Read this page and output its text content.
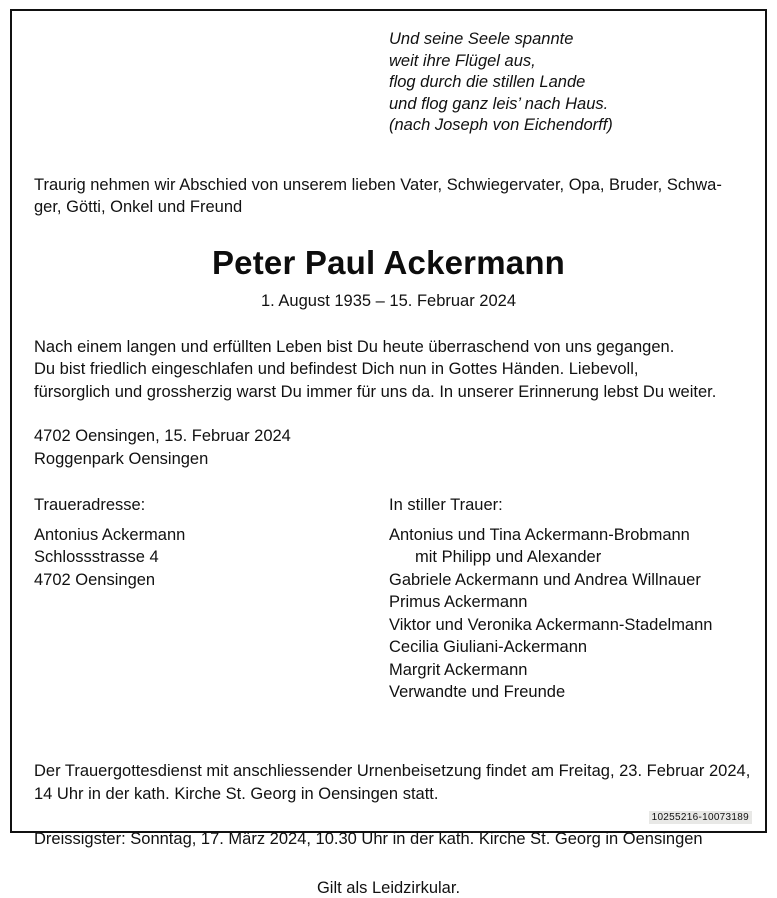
Und seine Seele spannte
weit ihre Flügel aus,
flog durch die stillen Lande
und flog ganz leis’ nach Haus.
(nach Joseph von Eichendorff)
Traurig nehmen wir Abschied von unserem lieben Vater, Schwiegervater, Opa, Bruder, Schwa-
ger, Götti, Onkel und Freund
Peter Paul Ackermann
1. August 1935 – 15. Februar 2024
Nach einem langen und erfüllten Leben bist Du heute überraschend von uns gegangen.
Du bist friedlich eingeschlafen und befindest Dich nun in Gottes Händen. Liebevoll,
fürsorglich und grossherzig warst Du immer für uns da. In unserer Erinnerung lebst Du weiter.
4702 Oensingen, 15. Februar 2024
Roggenpark Oensingen
Traueradresse:
Antonius Ackermann
Schlossstrasse 4
4702 Oensingen
In stiller Trauer:
Antonius und Tina Ackermann-Brobmann
mit Philipp und Alexander
Gabriele Ackermann und Andrea Willnauer
Primus Ackermann
Viktor und Veronika Ackermann-Stadelmann
Cecilia Giuliani-Ackermann
Margrit Ackermann
Verwandte und Freunde
Der Trauergottesdienst mit anschliessender Urnenbeisetzung findet am Freitag, 23. Februar 2024,
14 Uhr in der kath. Kirche St. Georg in Oensingen statt.
Dreissigster: Sonntag, 17. März 2024, 10.30 Uhr in der kath. Kirche St. Georg in Oensingen
Gilt als Leidzirkular.
10255216-10073189
